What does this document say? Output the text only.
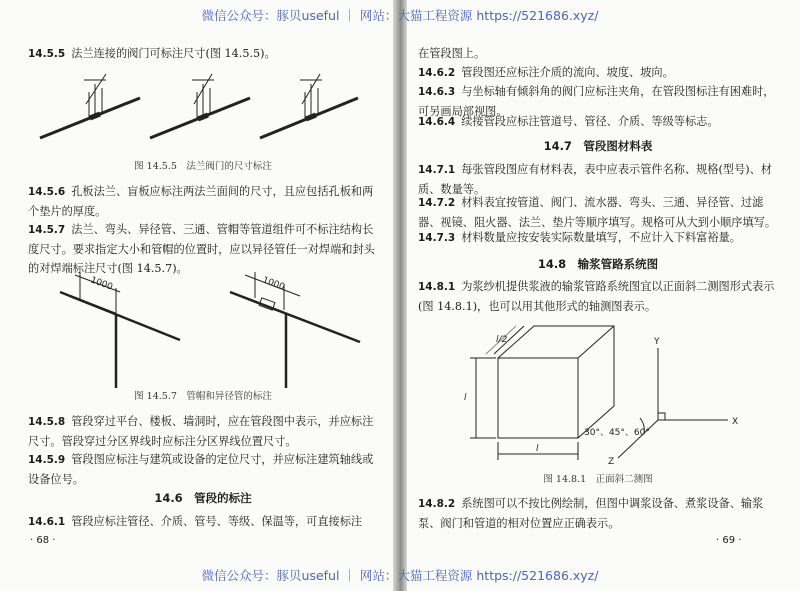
微信公众号：豚贝useful ｜ 网站：大猫工程资源 https://521686.xyz/

14.5.5 法兰连接的阀门可标注尺寸(图 14.5.5)。

图 14.5.5　法兰阀门的尺寸标注

14.5.6 孔板法兰、盲板应标注两法兰面间的尺寸，且应包括孔板和两个垫片的厚度。

14.5.7 法兰、弯头、异径管、三通、管帽等管道组件可不标注结构长度尺寸。要求指定大小和管帽的位置时，应以异径管任一对焊端和封头的对焊端标注尺寸(图 14.5.7)。

1000	1000

图 14.5.7　管帽和异径管的标注

14.5.8 管段穿过平台、楼板、墙洞时，应在管段图中表示，并应标注尺寸。管段穿过分区界线时应标注分区界线位置尺寸。

14.5.9 管段图应标注与建筑或设备的定位尺寸，并应标注建筑轴线或设备位号。

14.6　管段的标注

14.6.1 管段应标注管径、介质、管号、等级、保温等，可直接标注

· 68 ·

在管段图上。

14.6.2 管段图还应标注介质的流向、坡度、坡向。

14.6.3 与坐标轴有倾斜角的阀门应标注夹角，在管段图标注有困难时，可另画局部视图。

14.6.4 续接管段应标注管道号、管径、介质、等级等标志。

14.7　管段图材料表

14.7.1 每张管段图应有材料表，表中应表示管件名称、规格(型号)、材质、数量等。

14.7.2 材料表宜按管道、阀门、流水器、弯头、三通、异径管、过滤器、视镜、阻火器、法兰、垫片等顺序填写。规格可从大到小顺序填写。

14.7.3 材料数量应按安装实际数量填写，不应计入下料富裕量。

14.8　输浆管路系统图

14.8.1 为浆纱机提供浆液的输浆管路系统图宜以正面斜二测图形式表示(图 14.8.1)，也可以用其他形式的轴测图表示。

l/2
l
l
Y
X
Z
30°、45°、60°

图 14.8.1　正面斜二测图

14.8.2 系统图可以不按比例绘制，但图中调浆设备、煮浆设备、输浆泵、阀门和管道的相对位置应正确表示。

· 69 ·
微信公众号：豚贝useful ｜ 网站：大猫工程资源 https://521686.xyz/
